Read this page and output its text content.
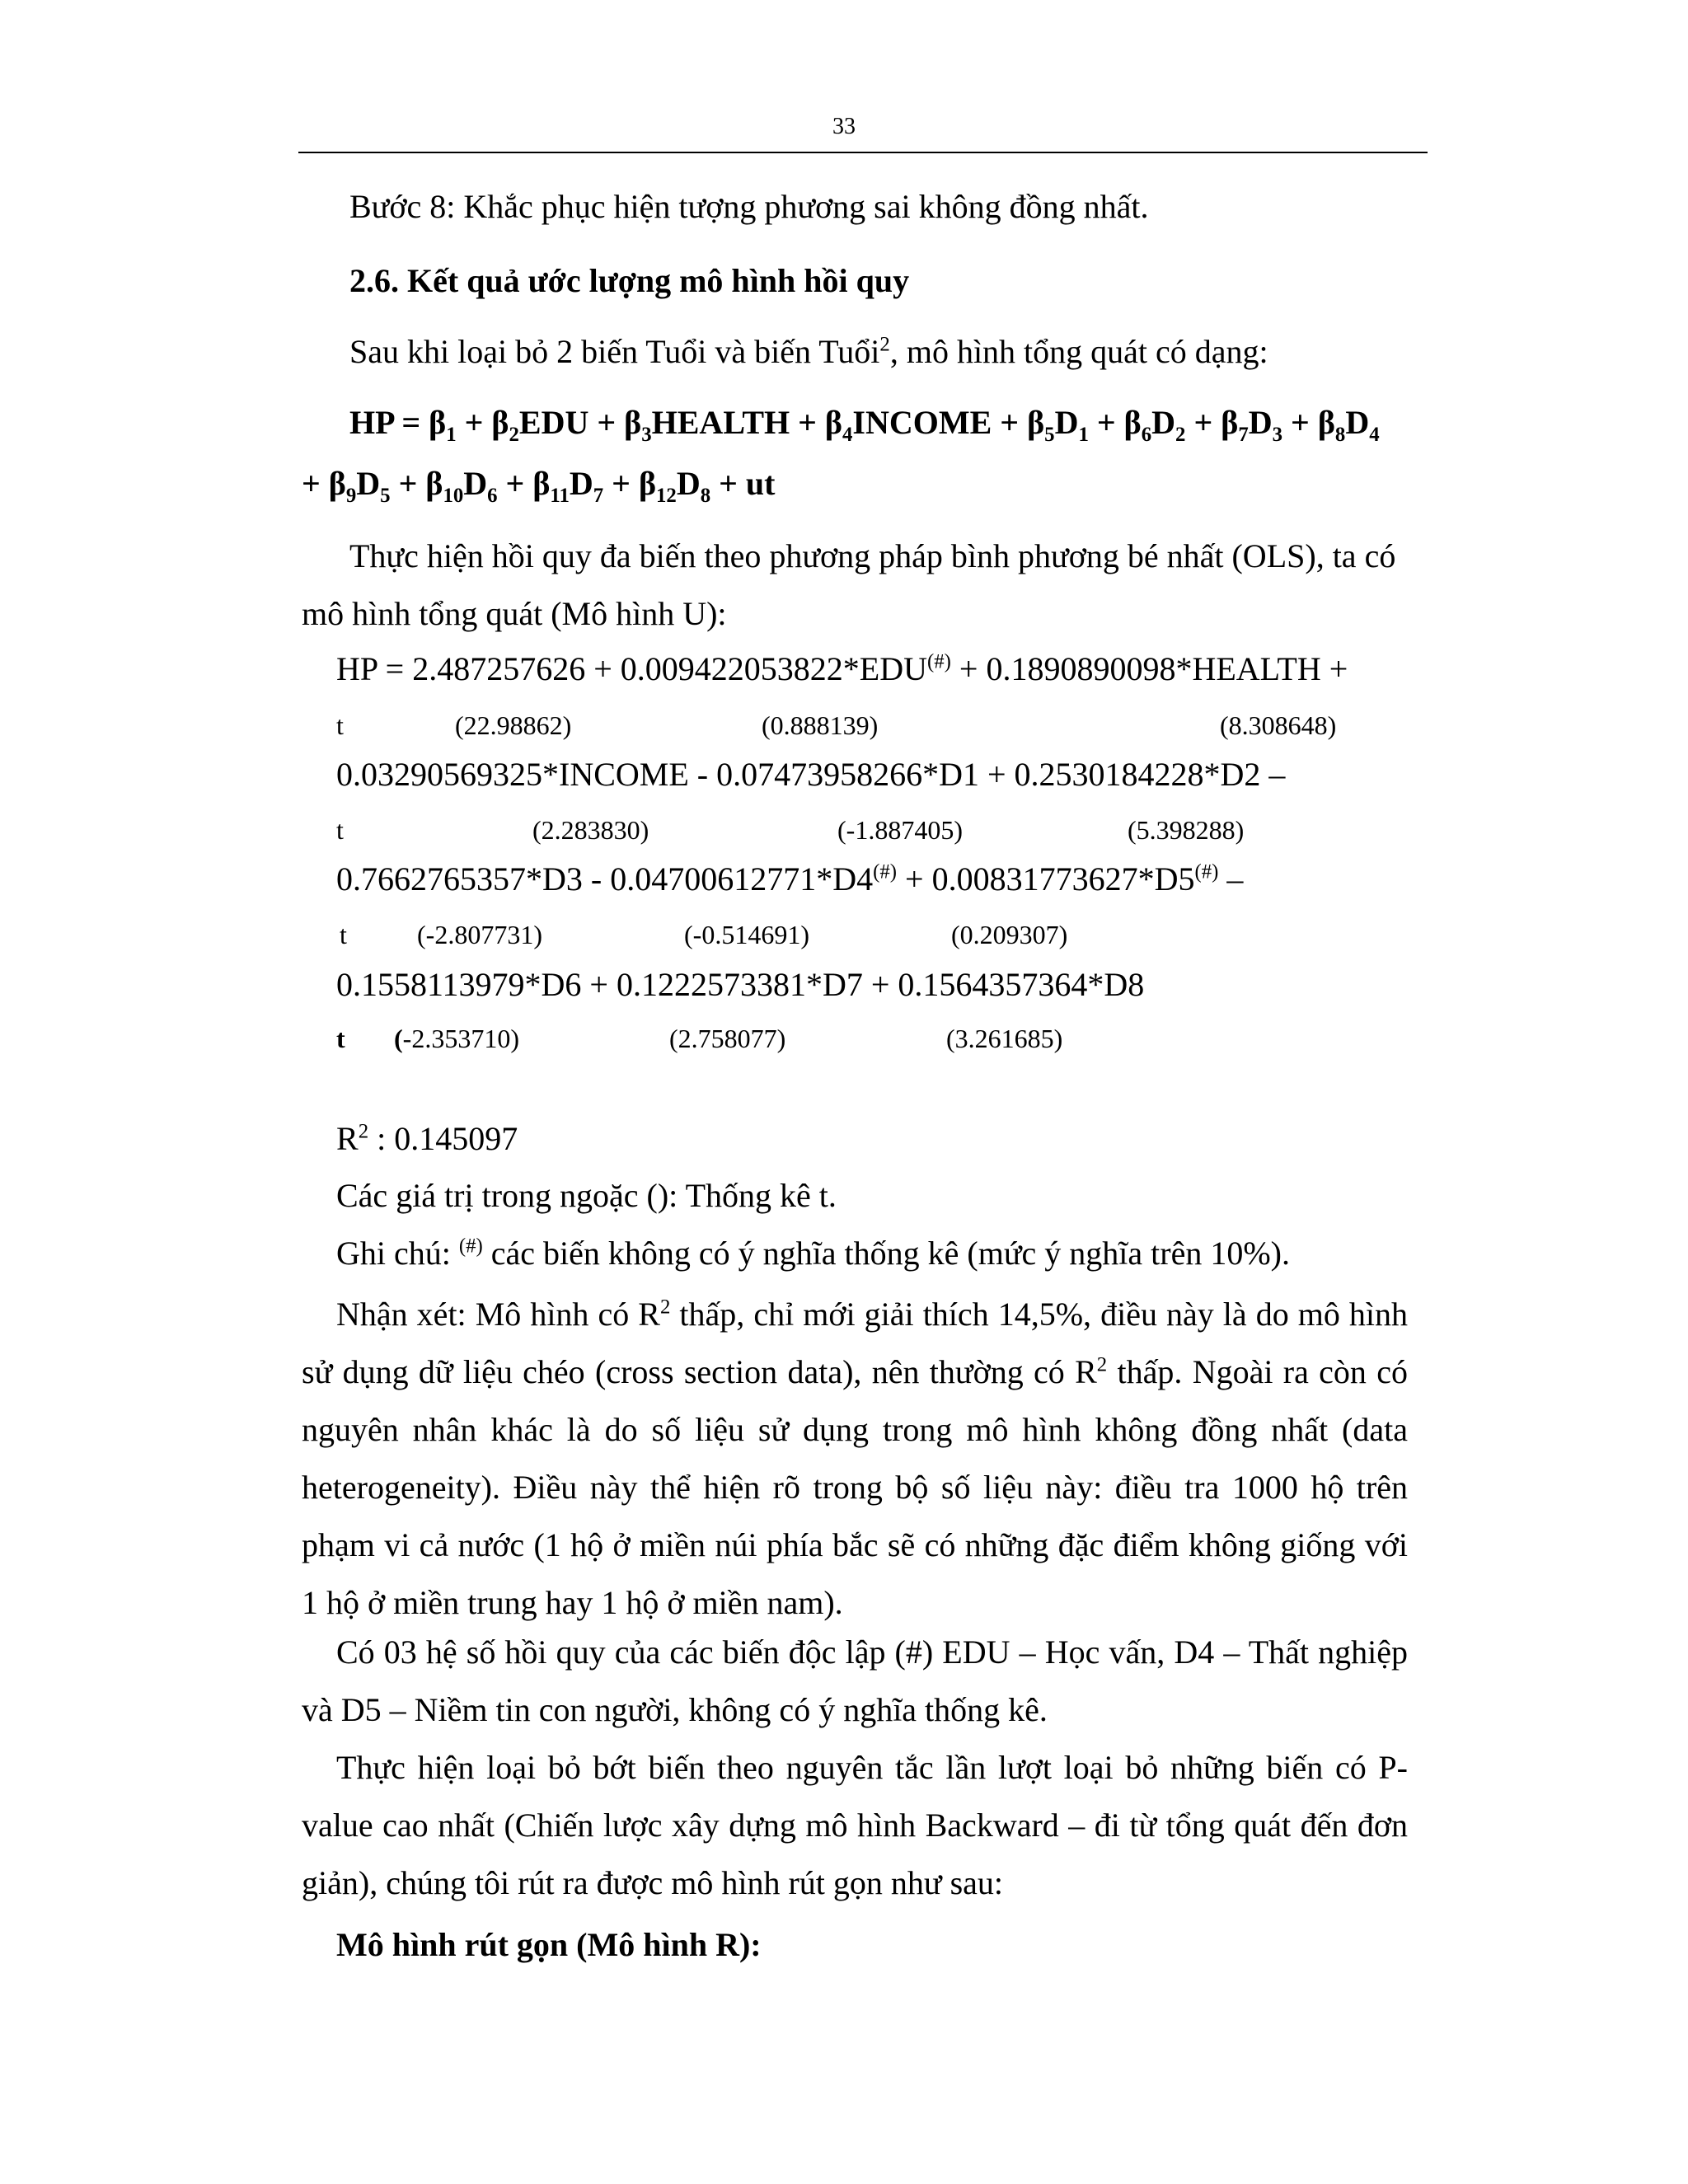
33
Bước 8: Khắc phục hiện tượng phương sai không đồng nhất.
2.6. Kết quả ước lượng mô hình hồi quy
Sau khi loại bỏ 2 biến Tuổi và biến Tuổi$^2$, mô hình tổng quát có dạng:
HP = $\beta_1 + \beta_2EDU$ + $\beta_3HEALTH$ + $\beta_4INCOME + \beta_5D_1 + \beta_6D_2 + \beta_7D_3 + \beta_8D_4$
+ $\beta_9D_5 + \beta_{10}D_6 + \beta_{11}D_7 + \beta_{12}D_8$ + ut
Thực hiện hồi quy đa biến theo phương pháp bình phương bé nhất (OLS), ta có
mô hình tổng quát (Mô hình U):
HP = 2.487257626 + 0.009422053822*EDU(#) + 0.1890890098*HEALTH +
t	(22.98862)	(0.888139)	(8.308648)
0.03290569325*INCOME - 0.07473958266*D1 + 0.2530184228*D2 –
t	(2.283830)	(-1.887405)	(5.398288)
0.7662765357*D3 - 0.04700612771*D4(#) + 0.00831773627*D5(#) –
t	(-2.807731)	(-0.514691)	(0.209307)
0.1558113979*D6 + 0.1222573381*D7 + 0.1564357364*D8
t (-2.353710)	(2.758077)	(3.261685)
$R^2$ : 0.145097
Các giá trị trong ngoặc (): Thống kê t.
Ghi chú: (#) các biến không có ý nghĩa thống kê (mức ý nghĩa trên 10%).
Nhận xét: Mô hình có $R^2$ thấp, chỉ mới giải thích 14,5%, điều này là do mô hình sử dụng dữ liệu chéo (cross section data), nên thường có $R^2$ thấp. Ngoài ra còn có nguyên nhân khác là do số liệu sử dụng trong mô hình không đồng nhất (data heterogeneity). Điều này thể hiện rõ trong bộ số liệu này: điều tra 1000 hộ trên phạm vi cả nước (1 hộ ở miền núi phía bắc sẽ có những đặc điểm không giống với 1 hộ ở miền trung hay 1 hộ ở miền nam).
Có 03 hệ số hồi quy của các biến độc lập (#) EDU – Học vấn, D4 – Thất nghiệp và D5 – Niềm tin con người, không có ý nghĩa thống kê.
Thực hiện loại bỏ bớt biến theo nguyên tắc lần lượt loại bỏ những biến có P-value cao nhất (Chiến lược xây dựng mô hình Backward – đi từ tổng quát đến đơn giản), chúng tôi rút ra được mô hình rút gọn như sau:
Mô hình rút gọn (Mô hình R):
